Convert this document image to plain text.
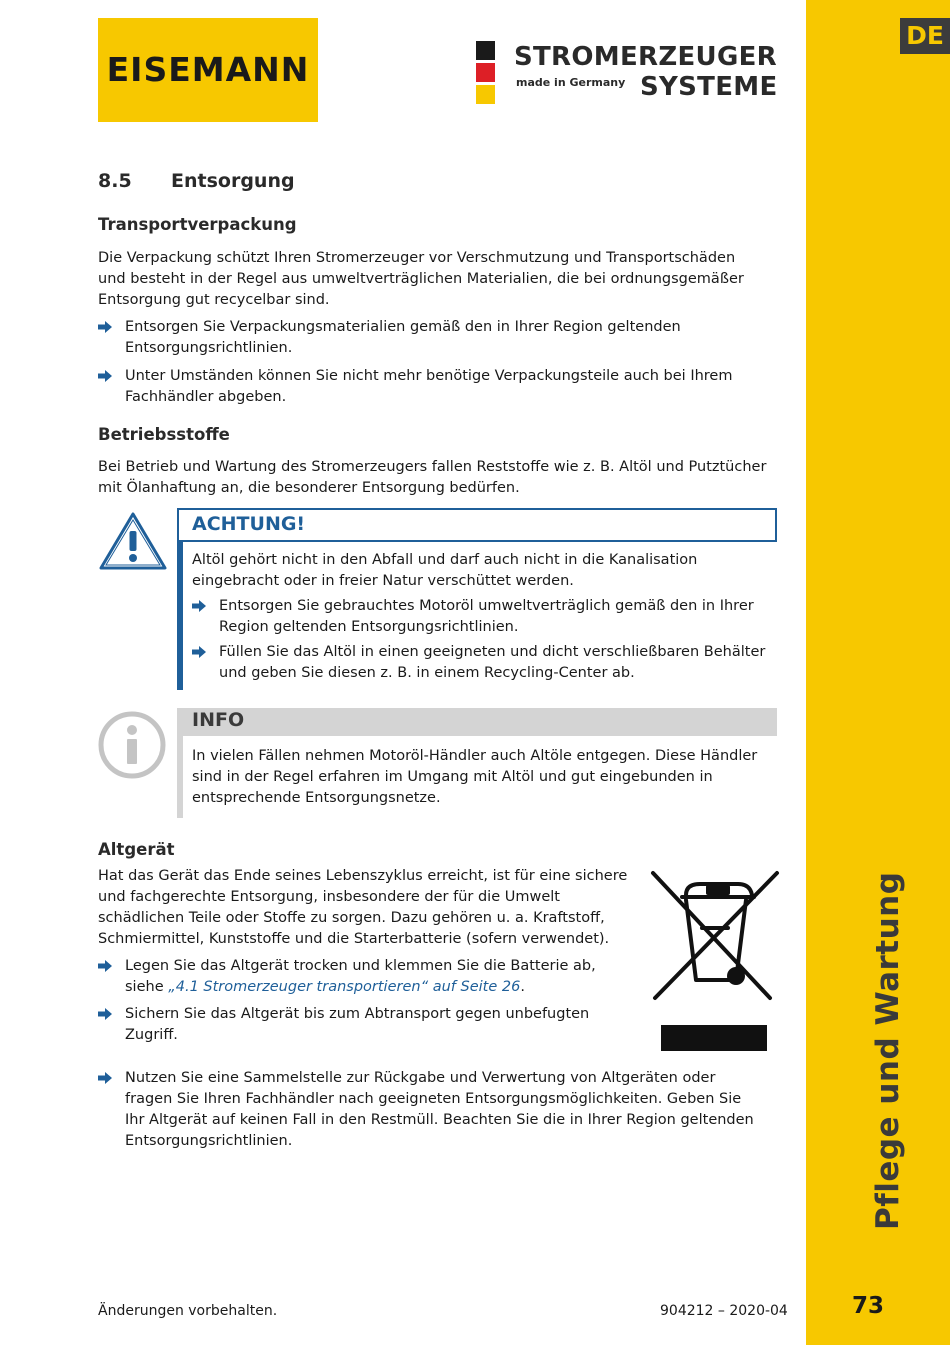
DE
Pflege und Wartung
73
EISEMANN	STROMERZEUGER
made in Germany SYSTEME
8.5 Entsorgung
Transportverpackung
Die Verpackung schützt Ihren Stromerzeuger vor Verschmutzung und Transportschäden
und besteht in der Regel aus umweltverträglichen Materialien, die bei ordnungsgemäßer
Entsorgung gut recycelbar sind.
Entsorgen Sie Verpackungsmaterialien gemäß den in Ihrer Region geltenden
Entsorgungsrichtlinien.
Unter Umständen können Sie nicht mehr benötige Verpackungsteile auch bei Ihrem
Fachhändler abgeben.
Betriebsstoffe
Bei Betrieb und Wartung des Stromerzeugers fallen Reststoffe wie z. B. Altöl und Putztücher
mit Ölanhaftung an, die besonderer Entsorgung bedürfen.
ACHTUNG!
Altöl gehört nicht in den Abfall und darf auch nicht in die Kanalisation
eingebracht oder in freier Natur verschüttet werden.
Entsorgen Sie gebrauchtes Motoröl umweltverträglich gemäß den in Ihrer
Region geltenden Entsorgungsrichtlinien.
Füllen Sie das Altöl in einen geeigneten und dicht verschließbaren Behälter
und geben Sie diesen z. B. in einem Recycling-Center ab.
INFO
In vielen Fällen nehmen Motoröl-Händler auch Altöle entgegen. Diese Händler
sind in der Regel erfahren im Umgang mit Altöl und gut eingebunden in
entsprechende Entsorgungsnetze.
Altgerät
Hat das Gerät das Ende seines Lebenszyklus erreicht, ist für eine sichere
und fachgerechte Entsorgung, insbesondere der für die Umwelt
schädlichen Teile oder Stoffe zu sorgen. Dazu gehören u. a. Kraftstoff,
Schmiermittel, Kunststoffe und die Starterbatterie (sofern verwendet).
Legen Sie das Altgerät trocken und klemmen Sie die Batterie ab,
siehe „4.1 Stromerzeuger transportieren“ auf Seite 26.
Sichern Sie das Altgerät bis zum Abtransport gegen unbefugten
Zugriff.
Nutzen Sie eine Sammelstelle zur Rückgabe und Verwertung von Altgeräten oder
fragen Sie Ihren Fachhändler nach geeigneten Entsorgungsmöglichkeiten. Geben Sie
Ihr Altgerät auf keinen Fall in den Restmüll. Beachten Sie die in Ihrer Region geltenden
Entsorgungsrichtlinien.
Änderungen vorbehalten.	904212 – 2020-04
